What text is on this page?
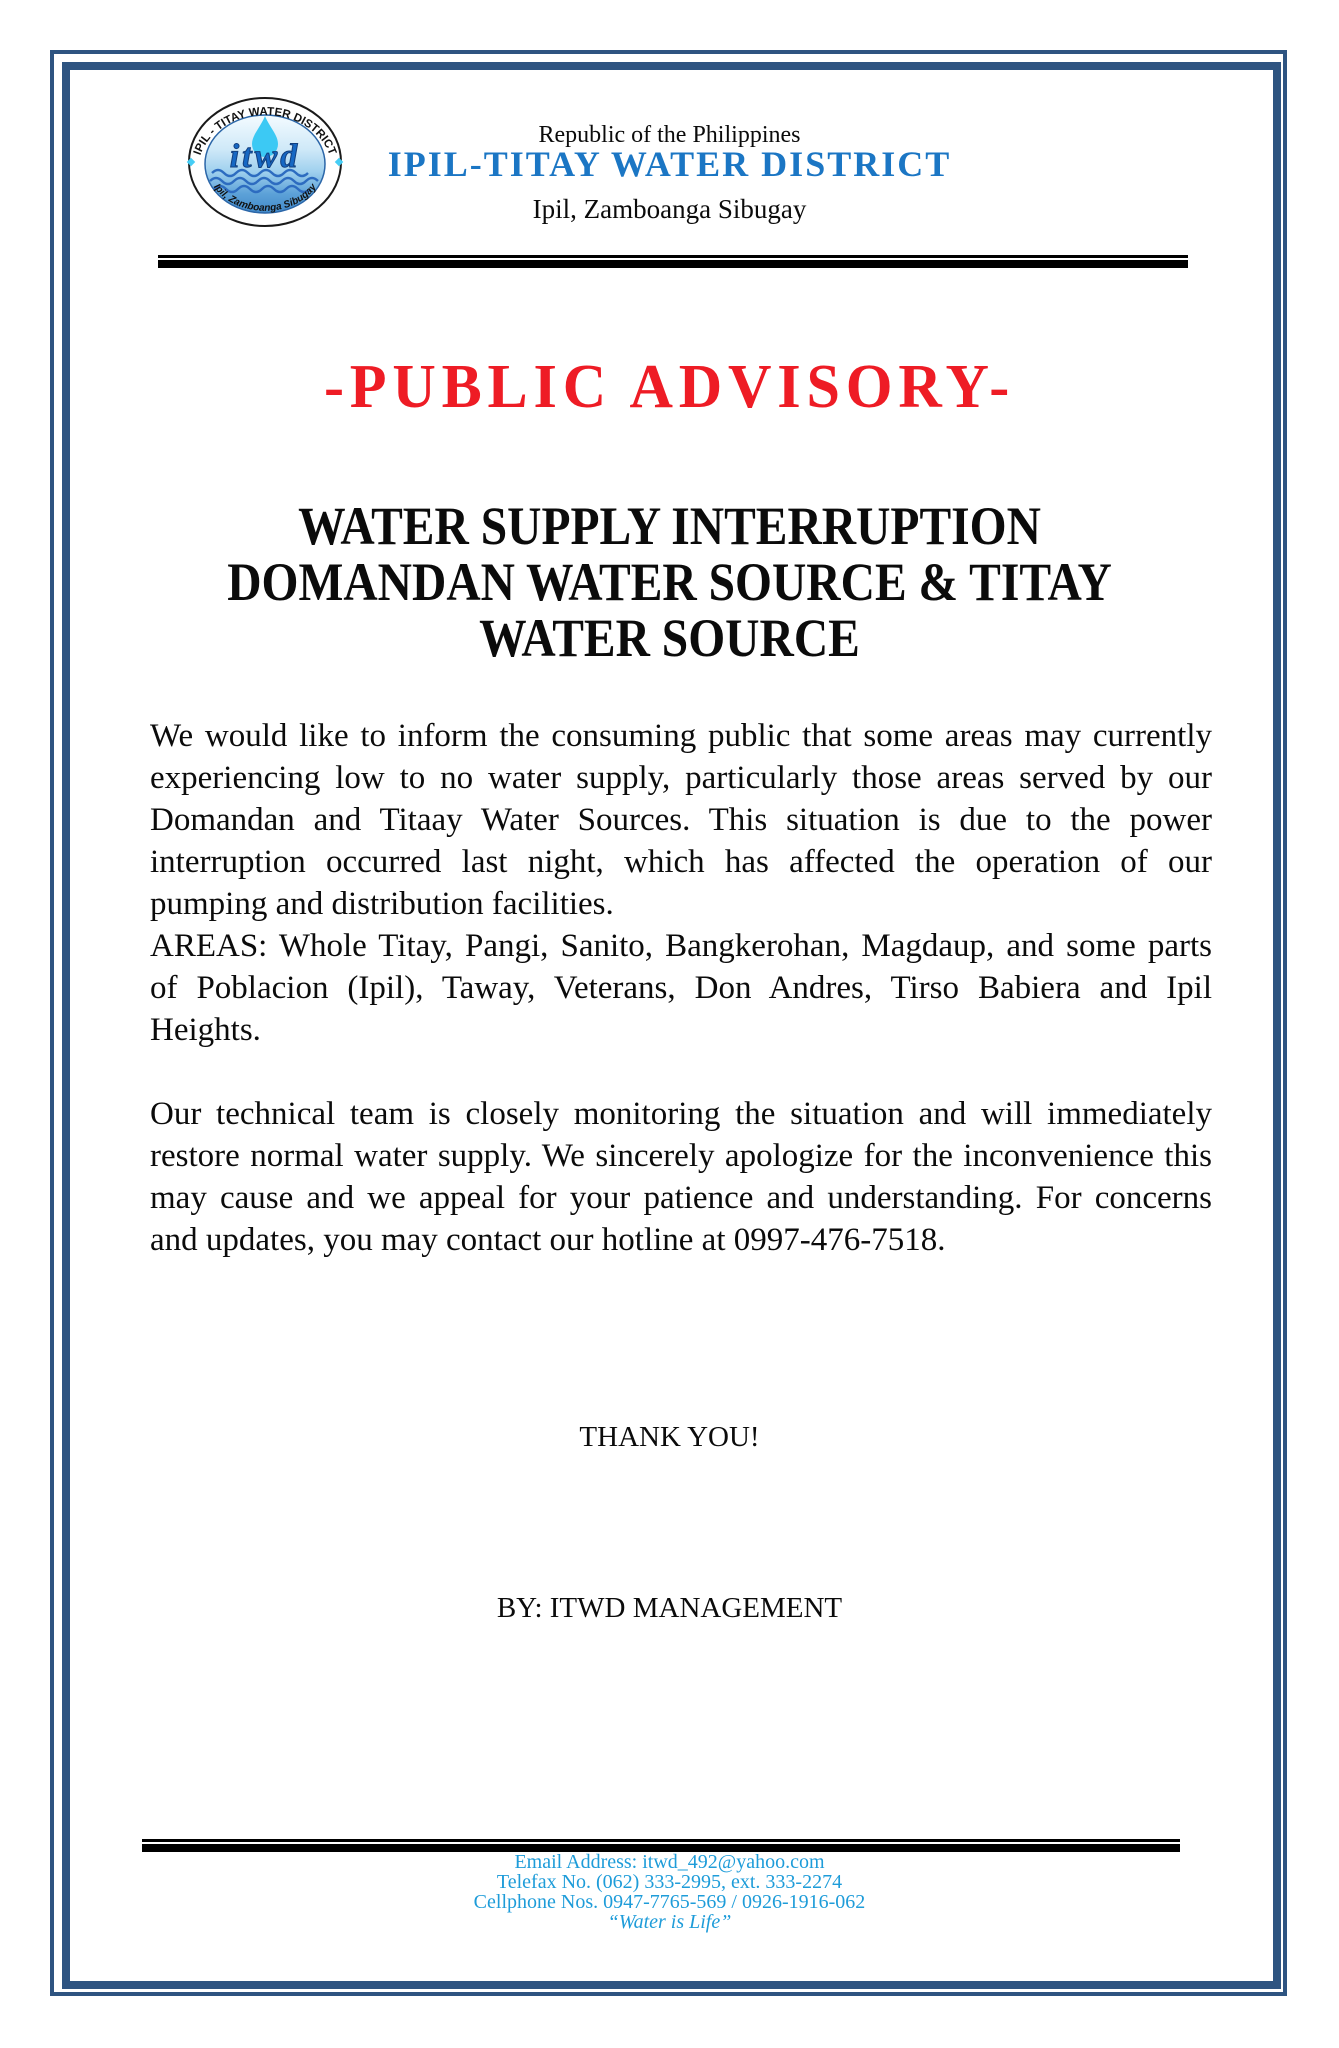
IPIL - TITAY WATER DISTRICT
itwd
Ipil, Zamboanga Sibugay
Republic of the Philippines
IPIL-TITAY WATER DISTRICT
Ipil, Zamboanga Sibugay
-PUBLIC ADVISORY-
WATER SUPPLY INTERRUPTION
DOMANDAN WATER SOURCE & TITAY
WATER SOURCE

We would like to inform the consuming public that some areas may currently experiencing low to no water supply, particularly those areas served by our Domandan and Titaay Water Sources. This situation is due to the power interruption occurred last night, which has affected the operation of our pumping and distribution facilities.

AREAS: Whole Titay, Pangi, Sanito, Bangkerohan, Magdaup, and some parts of Poblacion (Ipil), Taway, Veterans, Don Andres, Tirso Babiera and Ipil Heights.

Our technical team is closely monitoring the situation and will immediately restore normal water supply. We sincerely apologize for the inconvenience this may cause and we appeal for your patience and understanding. For concerns and updates, you may contact our hotline at 0997-476-7518.

THANK YOU!
BY: ITWD MANAGEMENT
Email Address: itwd_492@yahoo.com
Telefax No. (062) 333-2995, ext. 333-2274
Cellphone Nos. 0947-7765-569 / 0926-1916-062
“Water is Life”
